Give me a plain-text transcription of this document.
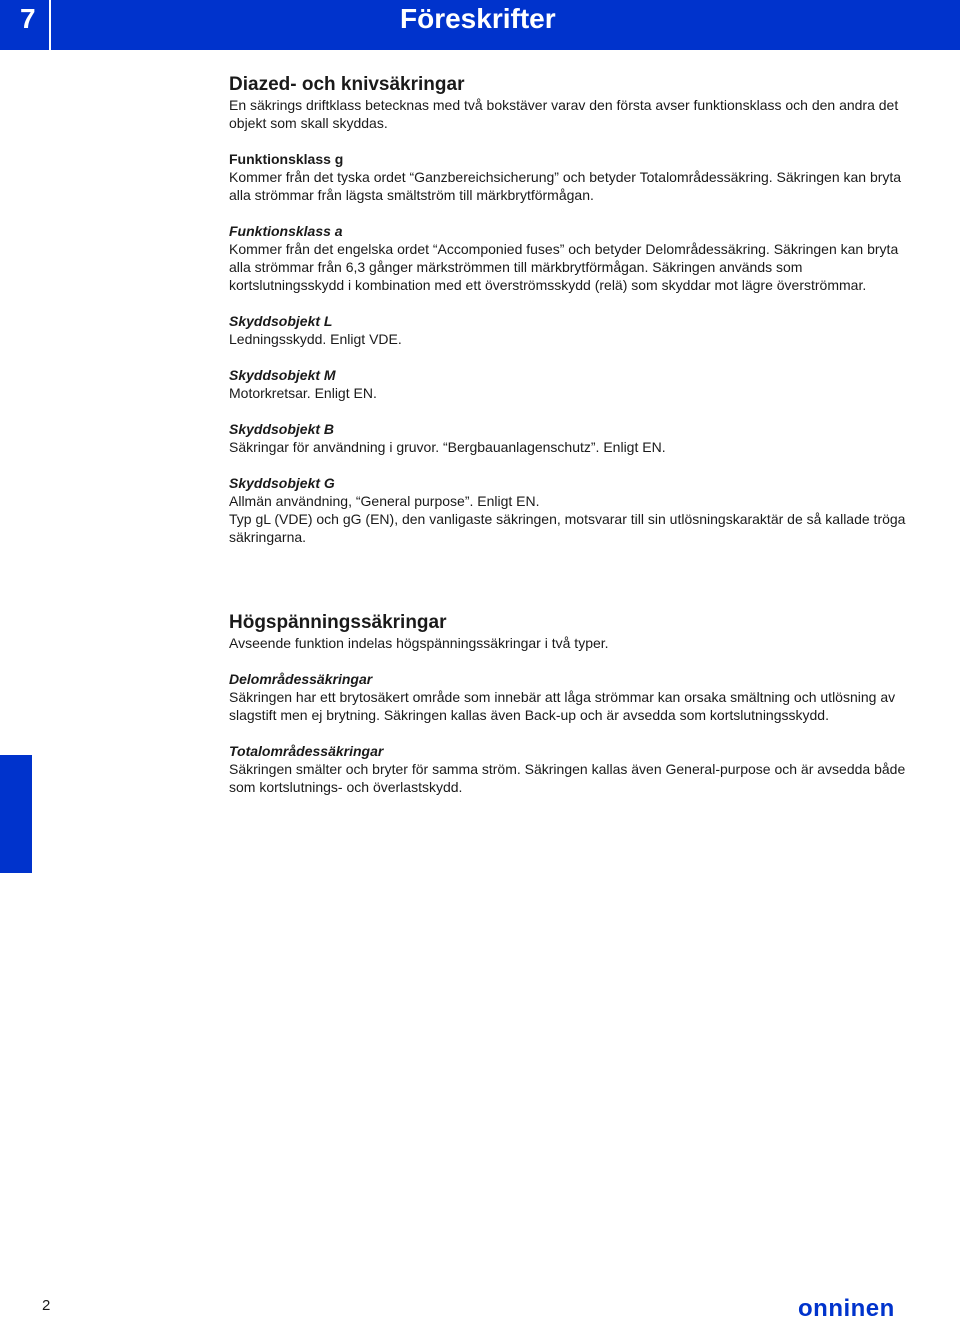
7	Föreskrifter
Diazed- och knivsäkringar

En säkrings driftklass betecknas med två bokstäver varav den första avser funktionsklass och den andra det objekt som skall skyddas.

Funktionsklass g

Kommer från det tyska ordet “Ganzbereichsicherung” och betyder Totalområdessäkring. Säkringen kan bryta alla strömmar från lägsta smältström till märkbrytförmågan.

Funktionsklass a

Kommer från det engelska ordet “Accomponied fuses” och betyder Delområdessäkring. Säkringen kan bryta alla strömmar från 6,3 gånger märkströmmen till märkbrytförmågan. Säkringen används som kortslutningsskydd i kombination med ett överströmsskydd (relä) som skyddar mot lägre överströmmar.

Skyddsobjekt L

Ledningsskydd. Enligt VDE.

Skyddsobjekt M

Motorkretsar. Enligt EN.

Skyddsobjekt B

Säkringar för användning i gruvor. “Bergbauanlagenschutz”. Enligt EN.

Skyddsobjekt G

Allmän användning, “General purpose”. Enligt EN.

Typ gL (VDE) och gG (EN), den vanligaste säkringen, motsvarar till sin utlösningskaraktär de så kallade tröga säkringarna.

Högspänningssäkringar

Avseende funktion indelas högspänningssäkringar i två typer.

Delområdessäkringar

Säkringen har ett brytosäkert område som innebär att låga strömmar kan orsaka smältning och utlösning av slagstift men ej brytning. Säkringen kallas även Back-up och är avsedda som kortslutningsskydd.

Totalområdessäkringar

Säkringen smälter och bryter för samma ström. Säkringen kallas även General-purpose och är avsedda både som kortslutnings- och överlastskydd.

2	onninen
